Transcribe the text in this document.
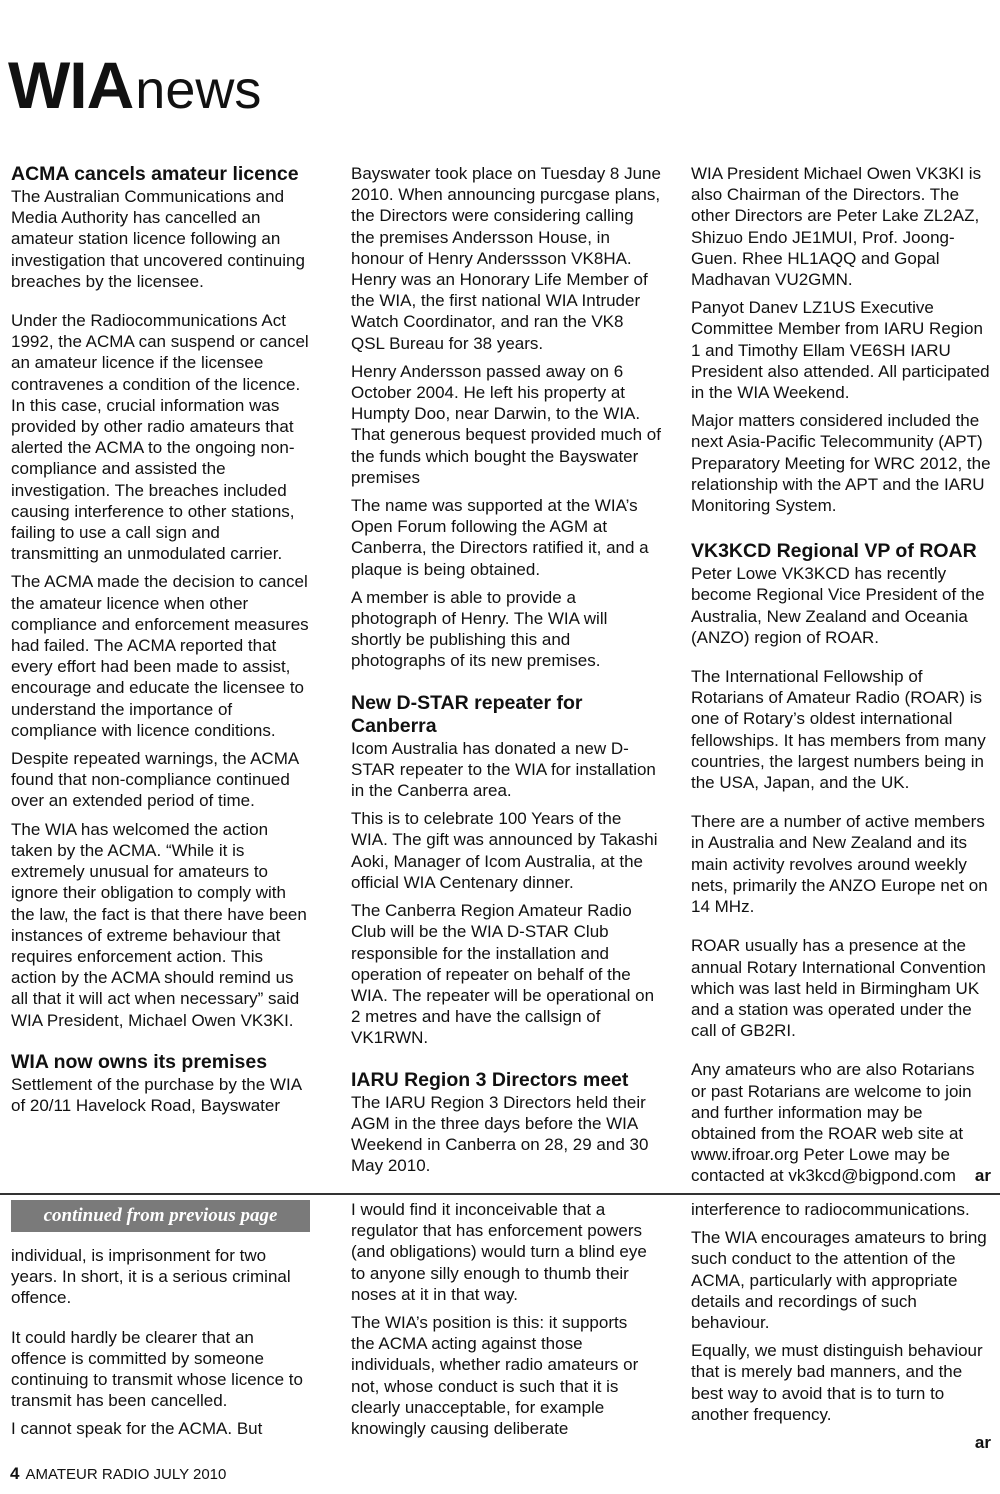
WIAnews
ACMA cancels amateur licence

The Australian Communications and Media Authority has cancelled an amateur station licence following an investigation that uncovered continuing breaches by the licensee.

Under the Radiocommunications Act 1992, the ACMA can suspend or cancel an amateur licence if the licensee contravenes a condition of the licence. In this case, crucial information was provided by other radio amateurs that alerted the ACMA to the ongoing non-compliance and assisted the investigation. The breaches included causing interference to other stations, failing to use a call sign and transmitting an unmodulated carrier.

The ACMA made the decision to cancel the amateur licence when other compliance and enforcement measures had failed. The ACMA reported that every effort had been made to assist, encourage and educate the licensee to understand the importance of compliance with licence conditions.

Despite repeated warnings, the ACMA found that non-compliance continued over an extended period of time.

The WIA has welcomed the action taken by the ACMA. “While it is extremely unusual for amateurs to ignore their obligation to comply with the law, the fact is that there have been instances of extreme behaviour that requires enforcement action. This action by the ACMA should remind us all that it will act when necessary” said WIA President, Michael Owen VK3KI.

WIA now owns its premises

Settlement of the purchase by the WIA of 20/11 Havelock Road, Bayswater

Bayswater took place on Tuesday 8 June 2010. When announcing purcgase plans, the Directors were considering calling the premises Andersson House, in honour of Henry Anderssson VK8HA. Henry was an Honorary Life Member of the WIA, the first national WIA Intruder Watch Coordinator, and ran the VK8 QSL Bureau for 38 years.

Henry Andersson passed away on 6 October 2004. He left his property at Humpty Doo, near Darwin, to the WIA. That generous bequest provided much of the funds which bought the Bayswater premises

The name was supported at the WIA’s Open Forum following the AGM at Canberra, the Directors ratified it, and a plaque is being obtained.

A member is able to provide a photograph of Henry. The WIA will shortly be publishing this and photographs of its new premises.

New D-STAR repeater for Canberra

Icom Australia has donated a new D-STAR repeater to the WIA for installation in the Canberra area.

This is to celebrate 100 Years of the WIA. The gift was announced by Takashi Aoki, Manager of Icom Australia, at the official WIA Centenary dinner.

The Canberra Region Amateur Radio Club will be the WIA D-STAR Club responsible for the installation and operation of repeater on behalf of the WIA. The repeater will be operational on 2 metres and have the callsign of VK1RWN.

IARU Region 3 Directors meet

The IARU Region 3 Directors held their AGM in the three days before the WIA Weekend in Canberra on 28, 29 and 30 May 2010.

WIA President Michael Owen VK3KI is also Chairman of the Directors. The other Directors are Peter Lake ZL2AZ, Shizuo Endo JE1MUI, Prof. Joong-Guen. Rhee HL1AQQ and Gopal Madhavan VU2GMN.

Panyot Danev LZ1US Executive Committee Member from IARU Region 1 and Timothy Ellam VE6SH IARU President also attended. All participated in the WIA Weekend.

Major matters considered included the next Asia-Pacific Telecommunity (APT) Preparatory Meeting for WRC 2012, the relationship with the APT and the IARU Monitoring System.

VK3KCD Regional VP of ROAR

Peter Lowe VK3KCD has recently become Regional Vice President of the Australia, New Zealand and Oceania (ANZO) region of ROAR.

The International Fellowship of Rotarians of Amateur Radio (ROAR) is one of Rotary’s oldest international fellowships. It has members from many countries, the largest numbers being in the USA, Japan, and the UK.

There are a number of active members in Australia and New Zealand and its main activity revolves around weekly nets, primarily the ANZO Europe net on 14 MHz.

ROAR usually has a presence at the annual Rotary International Convention which was last held in Birmingham UK and a station was operated under the call of GB2RI.

Any amateurs who are also Rotarians or past Rotarians are welcome to join and further information may be obtained from the ROAR web site at www.ifroar.org Peter Lowe may be contacted at vk3kcd@bigpond.com ar

continued from previous page

individual, is imprisonment for two years. In short, it is a serious criminal offence.

It could hardly be clearer that an offence is committed by someone continuing to transmit whose licence to transmit has been cancelled.

I cannot speak for the ACMA. But

I would find it inconceivable that a regulator that has enforcement powers (and obligations) would turn a blind eye to anyone silly enough to thumb their noses at it in that way.

The WIA’s position is this: it supports the ACMA acting against those individuals, whether radio amateurs or not, whose conduct is such that it is clearly unacceptable, for example knowingly causing deliberate

interference to radiocommunications.

The WIA encourages amateurs to bring such conduct to the attention of the ACMA, particularly with appropriate details and recordings of such behaviour.

Equally, we must distinguish behaviour that is merely bad manners, and the best way to avoid that is to turn to another frequency.

ar

4 AMATEUR RADIO JULY 2010
